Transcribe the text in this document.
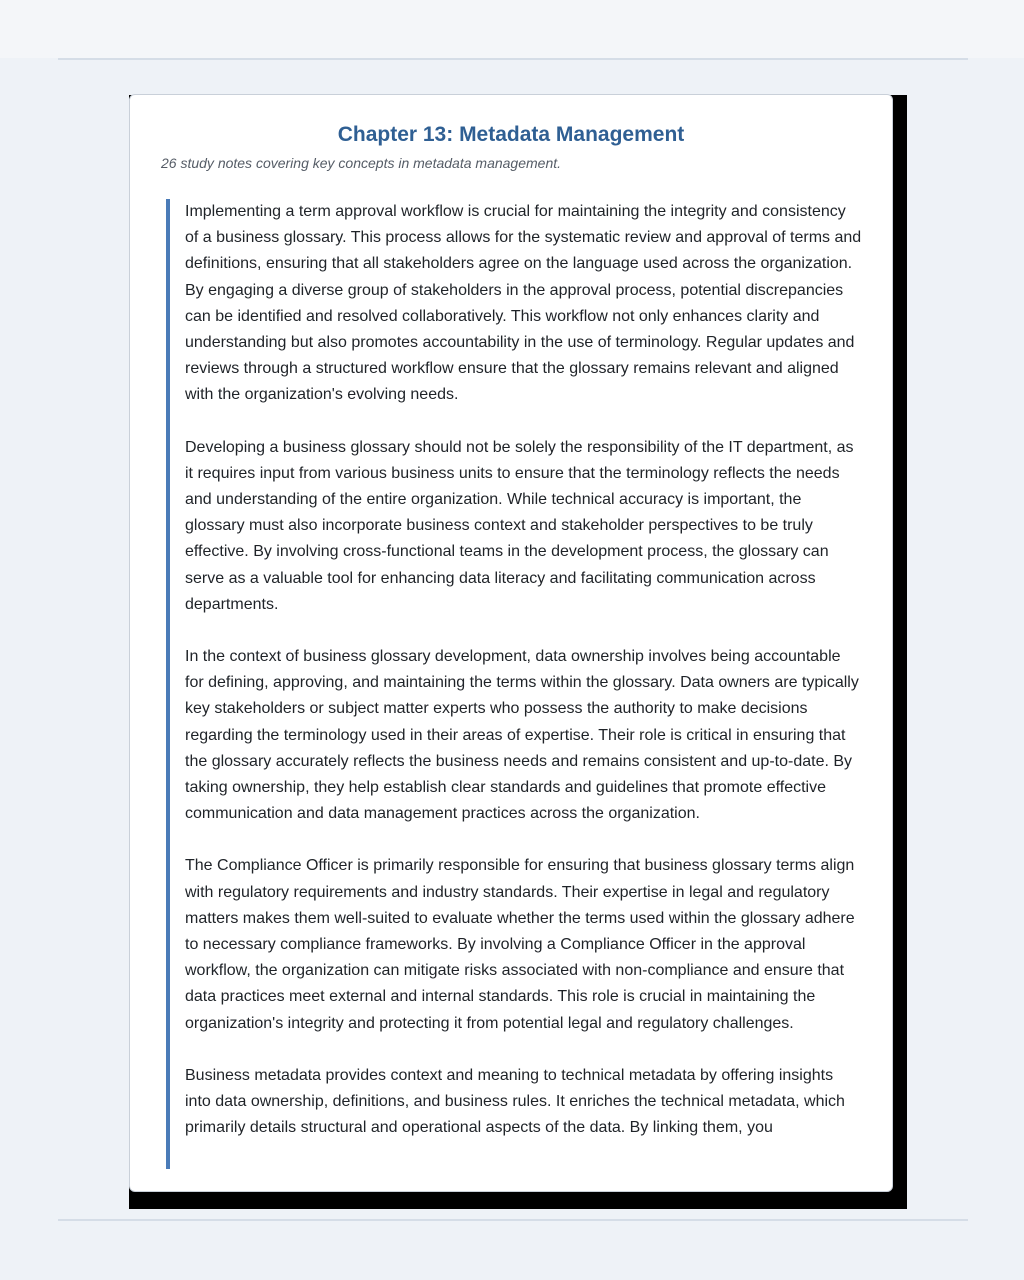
Chapter 13: Metadata Management

26 study notes covering key concepts in metadata management.

Implementing a term approval workflow is crucial for maintaining the integrity and consistency of a business glossary. This process allows for the systematic review and approval of terms and definitions, ensuring that all stakeholders agree on the language used across the organization. By engaging a diverse group of stakeholders in the approval process, potential discrepancies can be identified and resolved collaboratively. This workflow not only enhances clarity and understanding but also promotes accountability in the use of terminology. Regular updates and reviews through a structured workflow ensure that the glossary remains relevant and aligned with the organization's evolving needs.

Developing a business glossary should not be solely the responsibility of the IT department, as it requires input from various business units to ensure that the terminology reflects the needs and understanding of the entire organization. While technical accuracy is important, the glossary must also incorporate business context and stakeholder perspectives to be truly effective. By involving cross-functional teams in the development process, the glossary can serve as a valuable tool for enhancing data literacy and facilitating communication across departments.

In the context of business glossary development, data ownership involves being accountable for defining, approving, and maintaining the terms within the glossary. Data owners are typically key stakeholders or subject matter experts who possess the authority to make decisions regarding the terminology used in their areas of expertise. Their role is critical in ensuring that the glossary accurately reflects the business needs and remains consistent and up-to-date. By taking ownership, they help establish clear standards and guidelines that promote effective communication and data management practices across the organization.

The Compliance Officer is primarily responsible for ensuring that business glossary terms align with regulatory requirements and industry standards. Their expertise in legal and regulatory matters makes them well-suited to evaluate whether the terms used within the glossary adhere to necessary compliance frameworks. By involving a Compliance Officer in the approval workflow, the organization can mitigate risks associated with non-compliance and ensure that data practices meet external and internal standards. This role is crucial in maintaining the organization's integrity and protecting it from potential legal and regulatory challenges.

Business metadata provides context and meaning to technical metadata by offering insights into data ownership, definitions, and business rules. It enriches the technical metadata, which primarily details structural and operational aspects of the data. By linking them, you
